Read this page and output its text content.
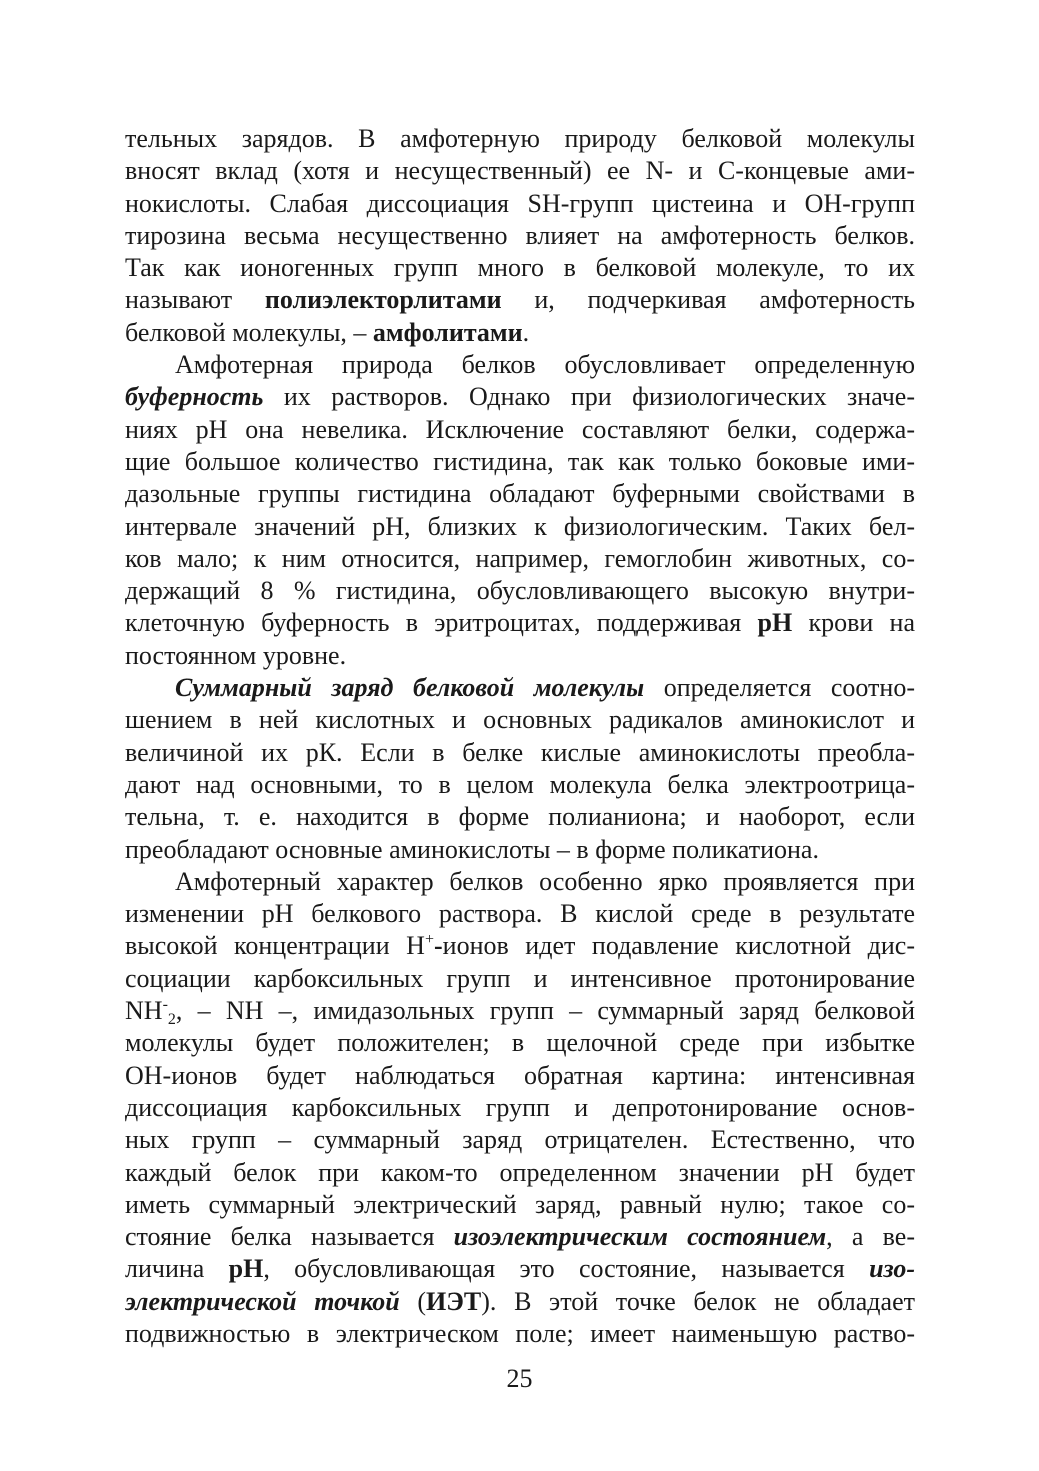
тельных зарядов. В амфотерную природу белковой молекулы
вносят вклад (хотя и несущественный) ее N- и С-концевые ами-
нокислоты. Слабая диссоциация SH-групп цистеина и ОН-групп
тирозина весьма несущественно влияет на амфотерность белков.
Так как ионогенных групп много в белковой молекуле, то их
называют полиэлекторлитами и, подчеркивая амфотерность
белковой молекулы, – амфолитами.
Амфотерная природа белков обусловливает определенную
буферность их растворов. Однако при физиологических значе-
ниях рН она невелика. Исключение составляют белки, содержа-
щие большое количество гистидина, так как только боковые ими-
дазольные группы гистидина обладают буферными свойствами в
интервале значений рН, близких к физиологическим. Таких бел-
ков мало; к ним относится, например, гемоглобин животных, со-
держащий 8 % гистидина, обусловливающего высокую внутри-
клеточную буферность в эритроцитах, поддерживая рН крови на
постоянном уровне.
Суммарный заряд белковой молекулы определяется соотно-
шением в ней кислотных и основных радикалов аминокислот и
величиной их рК. Если в белке кислые аминокислоты преобла-
дают над основными, то в целом молекула белка электроотрица-
тельна, т. е. находится в форме полианиона; и наоборот, если
преобладают основные аминокислоты – в форме поликатиона.
Амфотерный характер белков особенно ярко проявляется при
изменении рН белкового раствора. В кислой среде в результате
высокой концентрации Н+-ионов идет подавление кислотной дис-
социации карбоксильных групп и интенсивное протонирование
$NH^-_2$, – NH –, имидазольных групп – суммарный заряд белковой
молекулы будет положителен; в щелочной среде при избытке
ОН-ионов будет наблюдаться обратная картина: интенсивная
диссоциация карбоксильных групп и депротонирование основ-
ных групп – суммарный заряд отрицателен. Естественно, что
каждый белок при каком-то определенном значении рН будет
иметь суммарный электрический заряд, равный нулю; такое со-
стояние белка называется изоэлектрическим состоянием, а ве-
личина рН, обусловливающая это состояние, называется изо-
электрической точкой (ИЭТ). В этой точке белок не обладает
подвижностью в электрическом поле; имеет наименьшую раство-
25
